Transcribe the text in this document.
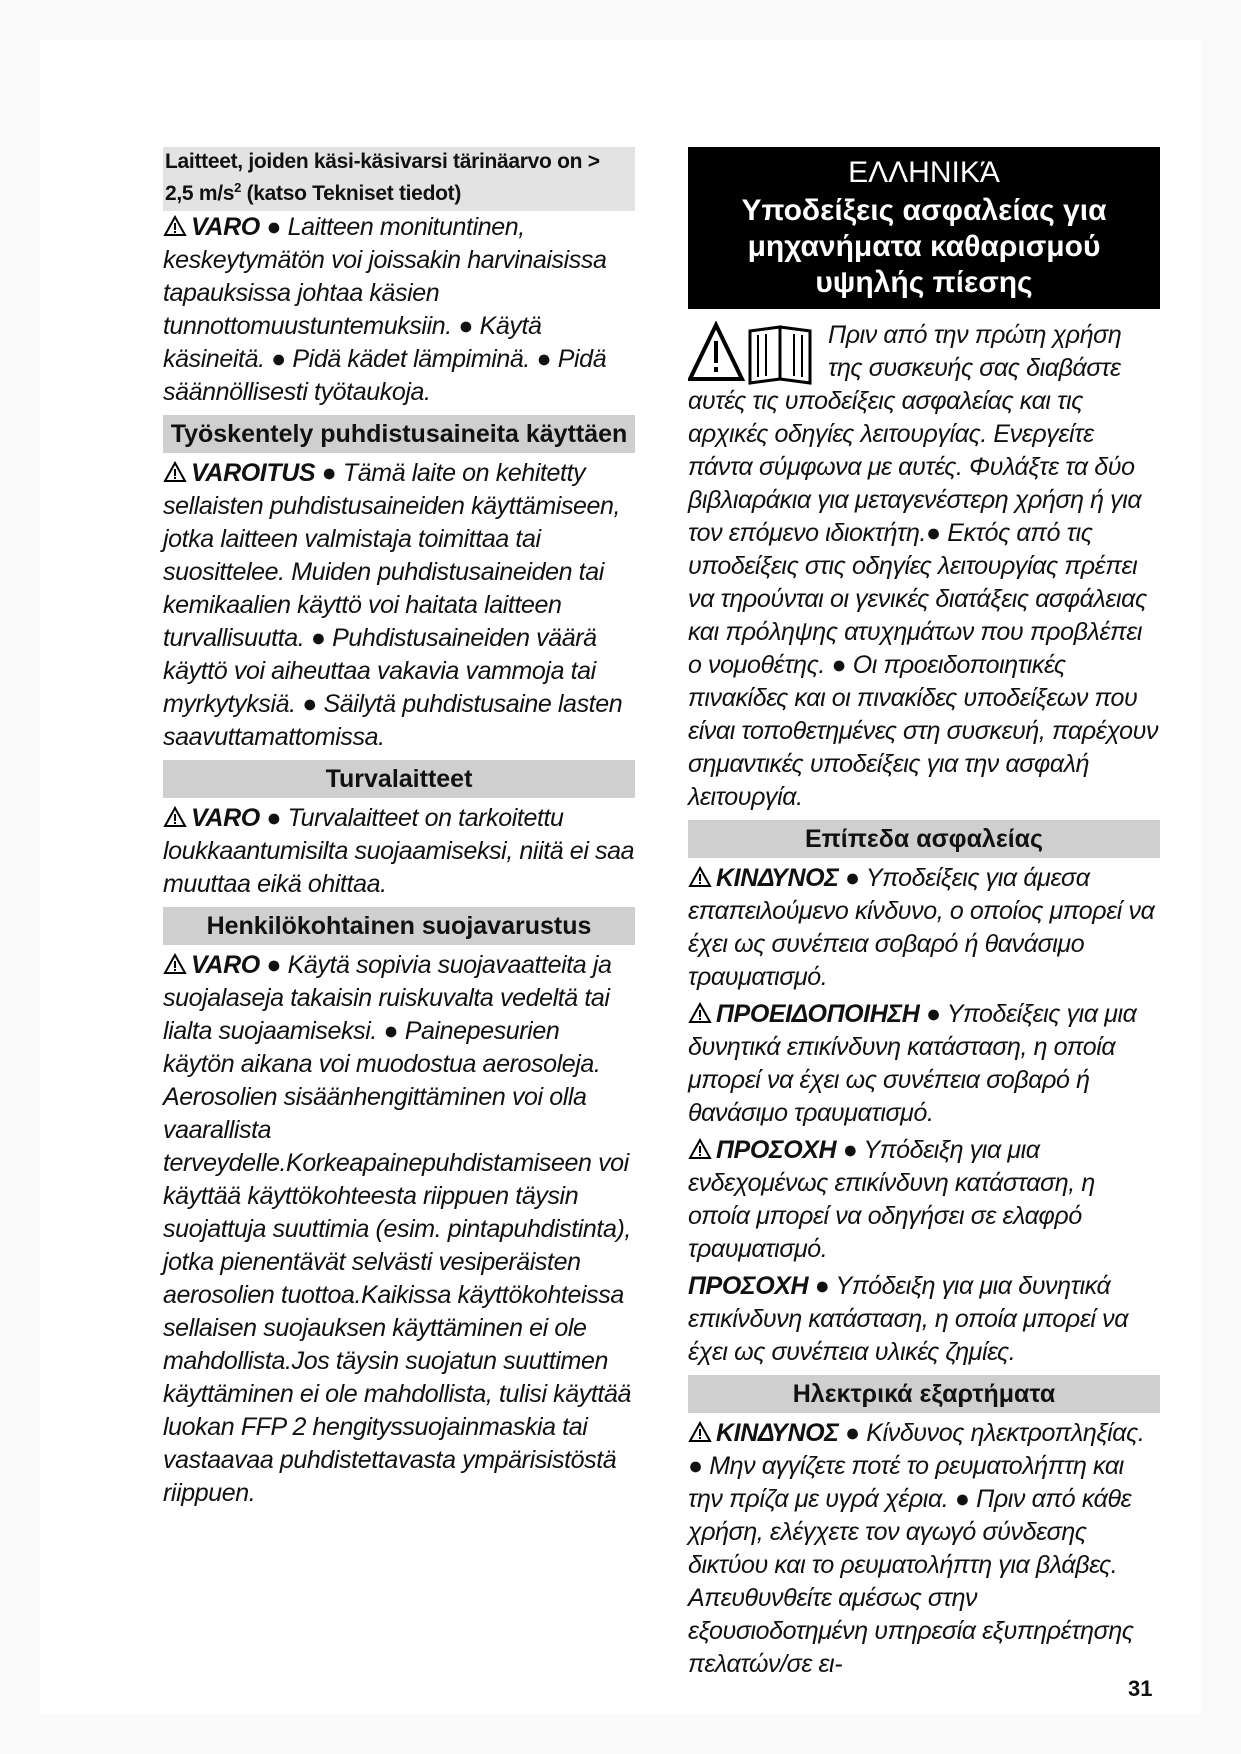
Laitteet, joiden käsi-käsivarsi tärinäarvo on > 2,5 $m/s^2$ (katso Tekniset tiedot)

VARO ● Laitteen monituntinen, keskeytymätön voi joissakin harvinaisissa tapauksissa johtaa käsien tunnottomuustuntemuksiin. ● Käytä käsineitä. ● Pidä kädet lämpiminä. ● Pidä säännöllisesti työtaukoja.

Työskentely puhdistusaineita käyttäen

VAROITUS ● Tämä laite on kehitetty sellaisten puhdistusaineiden käyttämiseen, jotka laitteen valmistaja toimittaa tai suosittelee. Muiden puhdistusaineiden tai kemikaalien käyttö voi haitata laitteen turvallisuutta. ● Puhdistusaineiden väärä käyttö voi aiheuttaa vakavia vammoja tai myrkytyksiä. ● Säilytä puhdistusaine lasten saavuttamattomissa.

Turvalaitteet

VARO ● Turvalaitteet on tarkoitettu loukkaantumisilta suojaamiseksi, niitä ei saa muuttaa eikä ohittaa.

Henkilökohtainen suojavarustus

VARO ● Käytä sopivia suojavaatteita ja suojalaseja takaisin ruiskuvalta vedeltä tai lialta suojaamiseksi. ● Painepesurien käytön aikana voi muodostua aerosoleja. Aerosolien sisäänhengittäminen voi olla vaarallista terveydelle.Korkeapainepuhdistamiseen voi käyttää käyttökohteesta riippuen täysin suojattuja suuttimia (esim. pintapuhdistinta), jotka pienentävät selvästi vesiperäisten aerosolien tuottoa.Kaikissa käyttökohteissa sellaisen suojauksen käyttäminen ei ole mahdollista.Jos täysin suojatun suuttimen käyttäminen ei ole mahdollista, tulisi käyttää luokan FFP 2 hengityssuojainmaskia tai vastaavaa puhdistettavasta ympärisistöstä riippuen.

ΕΛΛΗΝΙΚΆ
Υποδείξεις ασφαλείας για μηχανήματα καθαρισμού υψηλής πίεσης

Πριν από την πρώτη χρήση της συσκευής σας διαβάστε αυτές τις υποδείξεις ασφαλείας και τις αρχικές οδηγίες λειτουργίας. Ενεργείτε πάντα σύμφωνα με αυτές. Φυλάξτε τα δύο βιβλιαράκια για μεταγενέστερη χρήση ή για τον επόμενο ιδιοκτήτη.● Εκτός από τις υποδείξεις στις οδηγίες λειτουργίας πρέπει να τηρούνται οι γενικές διατάξεις ασφάλειας και πρόληψης ατυχημάτων που προβλέπει ο νομοθέτης. ● Οι προειδοποιητικές πινακίδες και οι πινακίδες υποδείξεων που είναι τοποθετημένες στη συσκευή, παρέχουν σημαντικές υποδείξεις για την ασφαλή λειτουργία.

Επίπεδα ασφαλείας

ΚΙΝΔΥΝΟΣ ● Υποδείξεις για άμεσα επαπειλούμενο κίνδυνο, ο οποίος μπορεί να έχει ως συνέπεια σοβαρό ή θανάσιμο τραυματισμό.

ΠΡΟΕΙΔΟΠΟΙΗΣΗ ● Υποδείξεις για μια δυνητικά επικίνδυνη κατάσταση, η οποία μπορεί να έχει ως συνέπεια σοβαρό ή θανάσιμο τραυματισμό.

ΠΡΟΣΟΧΗ ● Υπόδειξη για μια ενδεχομένως επικίνδυνη κατάσταση, η οποία μπορεί να οδηγήσει σε ελαφρό τραυματισμό.

ΠΡΟΣΟΧΗ ● Υπόδειξη για μια δυνητικά επικίνδυνη κατάσταση, η οποία μπορεί να έχει ως συνέπεια υλικές ζημίες.

Ηλεκτρικά εξαρτήματα

ΚΙΝΔΥΝΟΣ ● Κίνδυνος ηλεκτροπληξίας. ● Μην αγγίζετε ποτέ το ρευματολήπτη και την πρίζα με υγρά χέρια. ● Πριν από κάθε χρήση, ελέγχετε τον αγωγό σύνδεσης δικτύου και το ρευματολήπτη για βλάβες. Απευθυνθείτε αμέσως στην εξουσιοδοτημένη υπηρεσία εξυπηρέτησης πελατών/σε ει-

31
